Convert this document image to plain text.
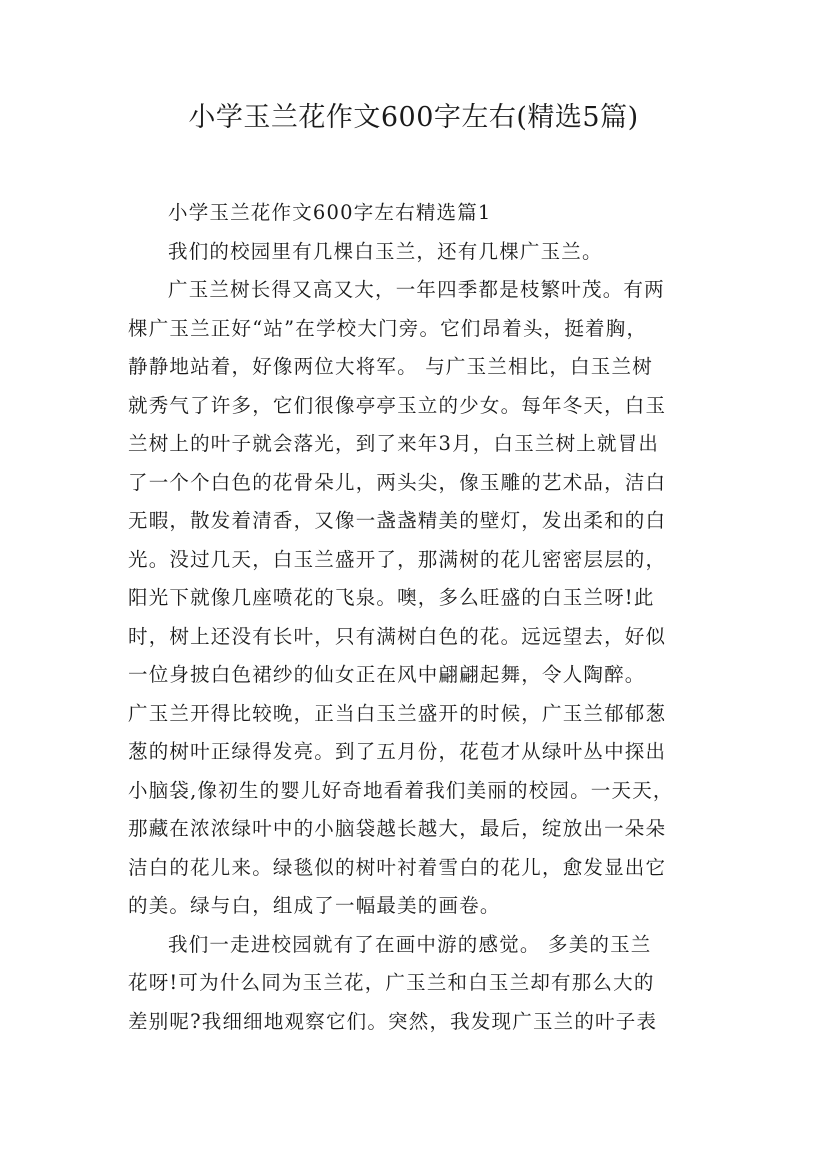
小学玉兰花作文600字左右(精选5篇)
小学玉兰花作文600字左右精选篇1
我们的校园里有几棵白玉兰，还有几棵广玉兰。
广玉兰树长得又高又大，一年四季都是枝繁叶茂。有两
棵广玉兰正好“站”在学校大门旁。它们昂着头，挺着胸，
静静地站着，好像两位大将军。 与广玉兰相比，白玉兰树
就秀气了许多，它们很像亭亭玉立的少女。每年冬天，白玉
兰树上的叶子就会落光，到了来年3月，白玉兰树上就冒出
了一个个白色的花骨朵儿，两头尖，像玉雕的艺术品，洁白
无暇，散发着清香，又像一盏盏精美的壁灯，发出柔和的白
光。没过几天，白玉兰盛开了，那满树的花儿密密层层的，
阳光下就像几座喷花的飞泉。噢，多么旺盛的白玉兰呀!此
时，树上还没有长叶，只有满树白色的花。远远望去，好似
一位身披白色裙纱的仙女正在风中翩翩起舞，令人陶醉。
广玉兰开得比较晚，正当白玉兰盛开的时候，广玉兰郁郁葱
葱的树叶正绿得发亮。到了五月份，花苞才从绿叶丛中探出
小脑袋,像初生的婴儿好奇地看着我们美丽的校园。一天天，
那藏在浓浓绿叶中的小脑袋越长越大，最后，绽放出一朵朵
洁白的花儿来。绿毯似的树叶衬着雪白的花儿，愈发显出它
的美。绿与白，组成了一幅最美的画卷。
我们一走进校园就有了在画中游的感觉。 多美的玉兰
花呀!可为什么同为玉兰花，广玉兰和白玉兰却有那么大的
差别呢?我细细地观察它们。突然，我发现广玉兰的叶子表
